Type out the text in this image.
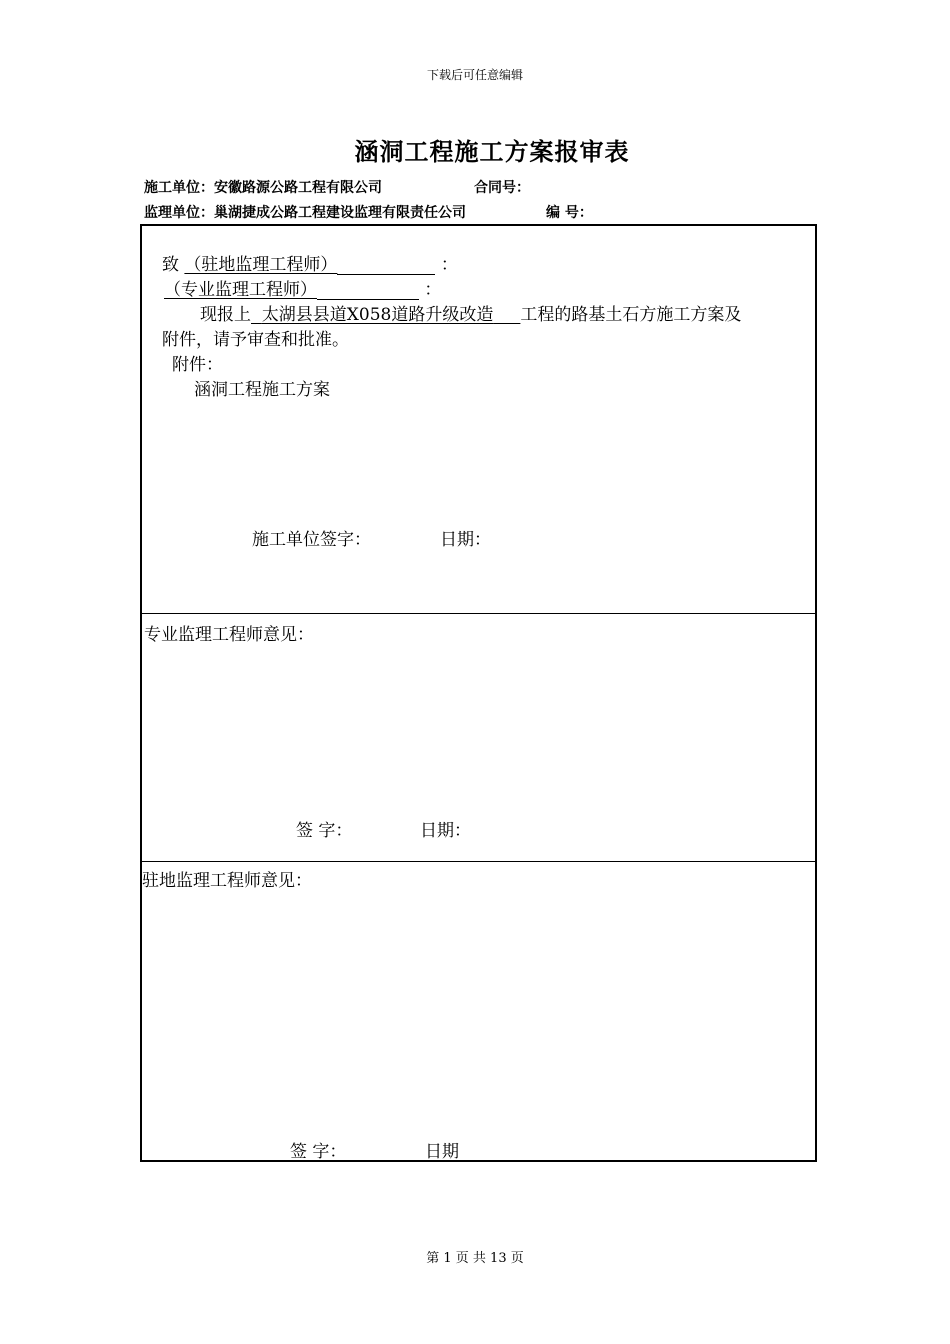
下载后可任意编辑
涵洞工程施工方案报审表
施工单位：安徽路源公路工程有限公司	合同号：
监理单位：巢湖捷成公路工程建设监理有限责任公司	编 号：
致 （驻地监理工程师）	：
（专业监理工程师）	：
现报上 太湖县县道X058道路升级改造 工程的路基土石方施工方案及
附件，请予审查和批准。
附件：
涵洞工程施工方案
施工单位签字：	日期：
专业监理工程师意见：
签 字：	日期：
驻地监理工程师意见：
签 字：	日期
第 1 页 共 13 页
